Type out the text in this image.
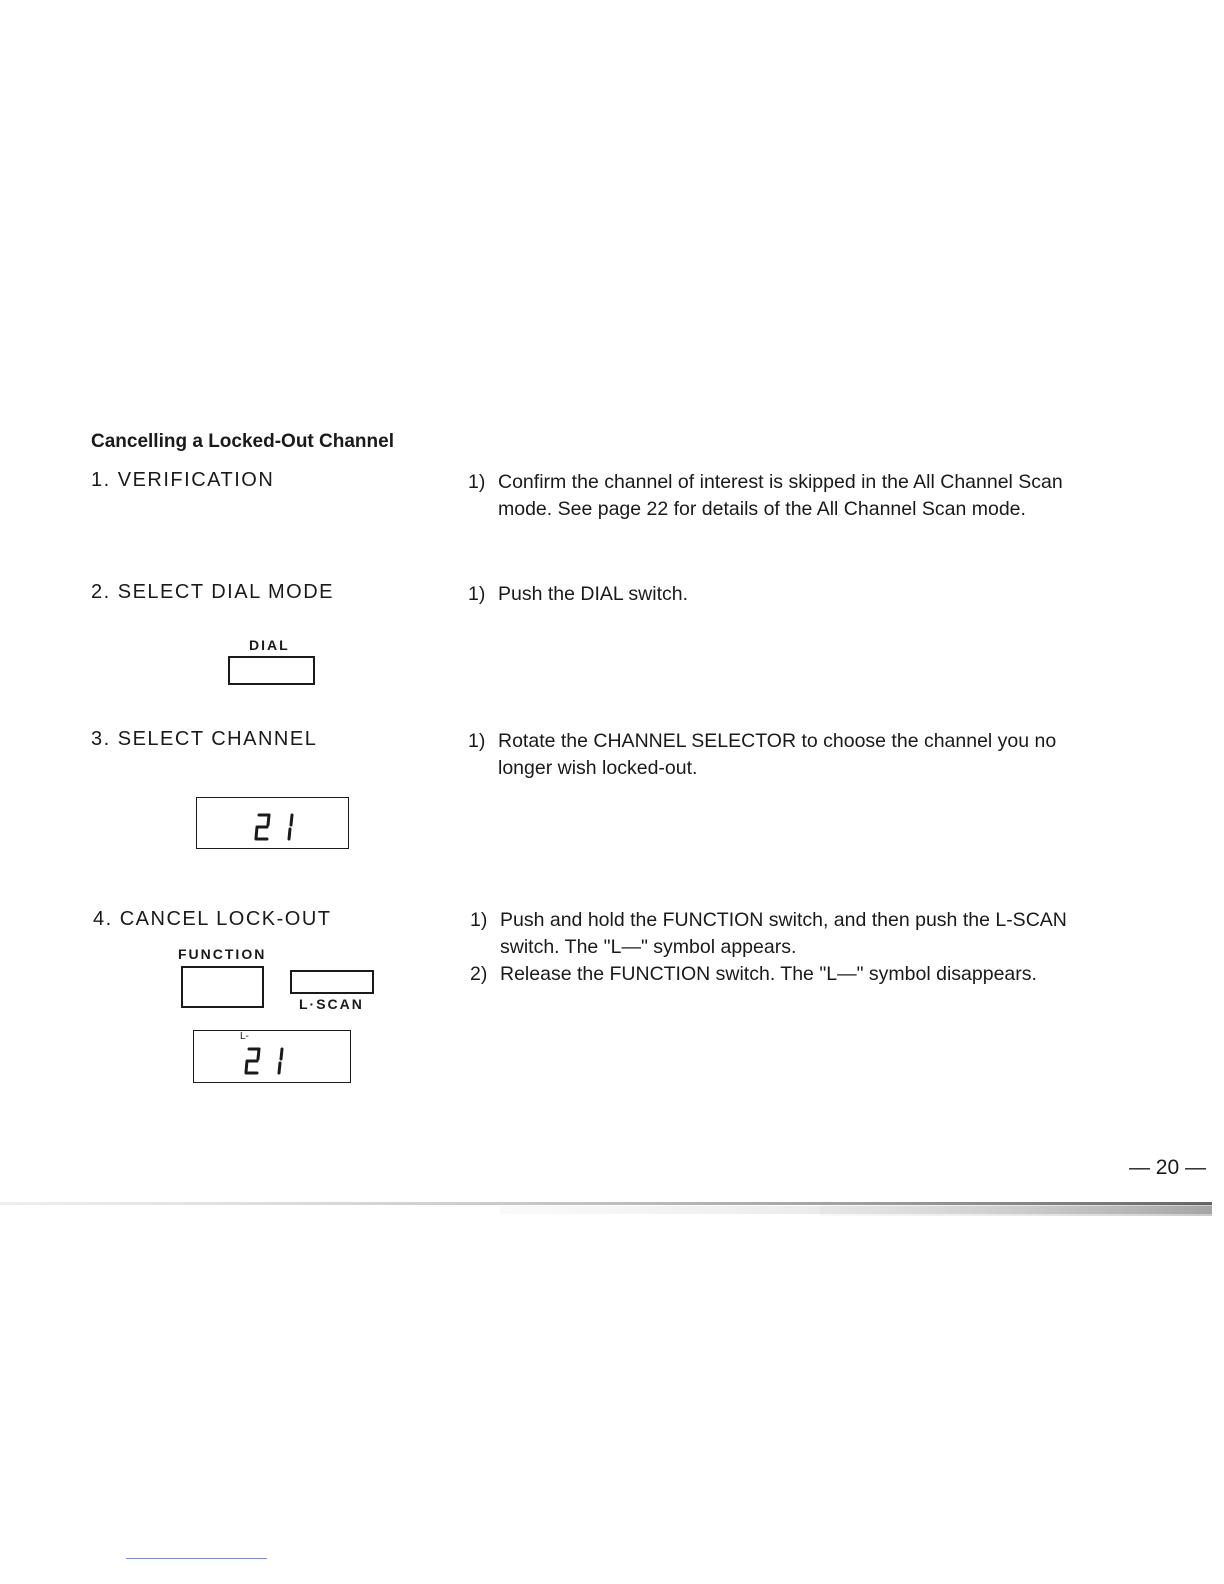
Cancelling a Locked-Out Channel
1. VERIFICATION	1) Confirm the channel of interest is skipped in the All Channel Scan
mode. See page 22 for details of the All Channel Scan mode.
2. SELECT DIAL MODE
DIAL
1) Push the DIAL switch.
3. SELECT CHANNEL	1) Rotate the CHANNEL SELECTOR to choose the channel you no
longer wish locked-out.
4. CANCEL LOCK-OUT
FUNCTION
L·SCAN
L-
1) Push and hold the FUNCTION switch, and then push the L-SCAN
switch. The "L—" symbol appears.
2) Release the FUNCTION switch. The "L—" symbol disappears.
— 20 —
